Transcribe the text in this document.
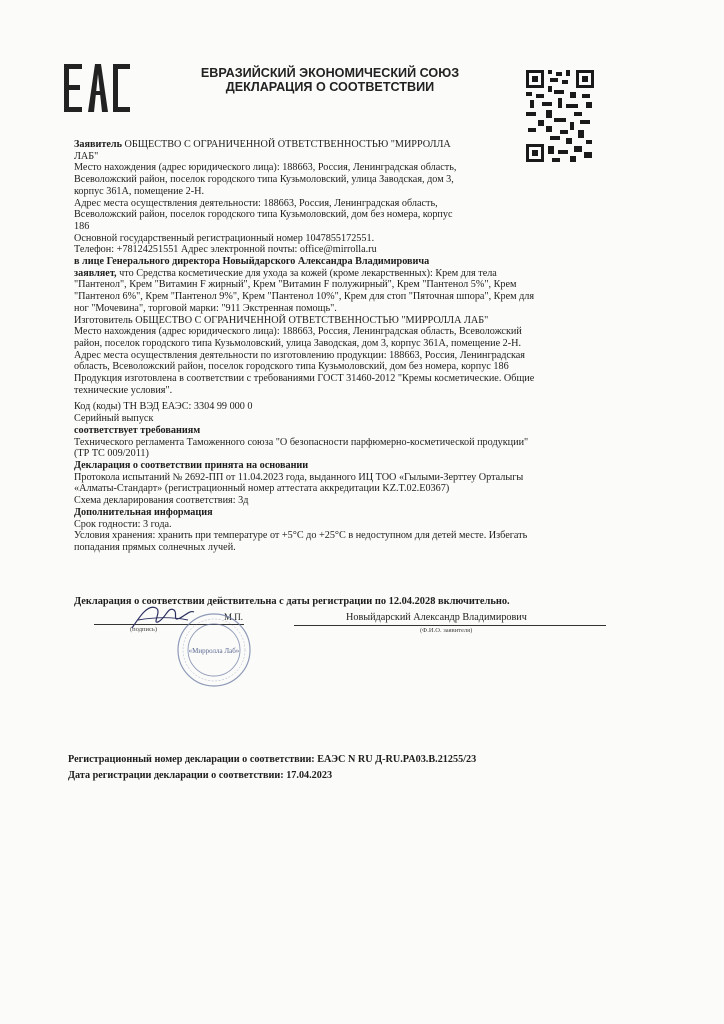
ЕВРАЗИЙСКИЙ ЭКОНОМИЧЕСКИЙ СОЮЗ
ДЕКЛАРАЦИЯ О СООТВЕТСТВИИ
Заявитель ОБЩЕСТВО С ОГРАНИЧЕННОЙ ОТВЕТСТВЕННОСТЬЮ "МИРРОЛЛА
ЛАБ"
Место нахождения (адрес юридического лица): 188663, Россия, Ленинградская область,
Всеволожский район, поселок городского типа Кузьмоловский, улица Заводская, дом 3,
корпус 361А, помещение 2-Н.
Адрес места осуществления деятельности: 188663, Россия, Ленинградская область,
Всеволожский район, поселок городского типа Кузьмоловский, дом без номера, корпус
186
Основной государственный регистрационный номер 1047855172551.
Телефон: +78124251551 Адрес электронной почты: office@mirrolla.ru
в лице Генерального директора Новыйдарского Александра Владимировича
заявляет, что Средства косметические для ухода за кожей (кроме лекарственных): Крем для тела
"Пантенол", Крем "Витамин F жирный", Крем "Витамин F полужирный", Крем "Пантенол 5%", Крем
"Пантенол 6%", Крем "Пантенол 9%", Крем "Пантенол 10%", Крем для стоп "Пяточная шпора", Крем для
ног "Мочевина", торговой марки: "911 Экстренная помощь".
Изготовитель ОБЩЕСТВО С ОГРАНИЧЕННОЙ ОТВЕТСТВЕННОСТЬЮ "МИРРОЛЛА ЛАБ"
Место нахождения (адрес юридического лица): 188663, Россия, Ленинградская область, Всеволожский
район, поселок городского типа Кузьмоловский, улица Заводская, дом 3, корпус 361А, помещение 2-Н.
Адрес места осуществления деятельности по изготовлению продукции: 188663, Россия, Ленинградская
область, Всеволожский район, поселок городского типа Кузьмоловский, дом без номера, корпус 186
Продукция изготовлена в соответствии с требованиями ГОСТ 31460-2012 "Кремы косметические. Общие
технические условия".
Код (коды) ТН ВЭД ЕАЭС: 3304 99 000 0
Серийный выпуск
соответствует требованиям
Технического регламента Таможенного союза "О безопасности парфюмерно-косметической продукции"
(ТР ТС 009/2011)
Декларация о соответствии принята на основании
Протокола испытаний № 2692-ПП от 11.04.2023 года, выданного ИЦ ТОО «Гылыми-Зерттеу Орталыгы
«Алматы-Стандарт» (регистрационный номер аттестата аккредитации KZ.T.02.E0367)
Схема декларирования соответствия: 3д
Дополнительная информация
Срок годности: 3 года.
Условия хранения: хранить при температуре от +5°C до +25°C в недоступном для детей месте. Избегать
попадания прямых солнечных лучей.
Декларация о соответствии действительна с даты регистрации по 12.04.2028 включительно.
М.П.
(подпись)
Новыйдарский Александр Владимирович
(Ф.И.О. заявителя)
«Мирролла Лаб»
Регистрационный номер декларации о соответствии: ЕАЭС N RU Д-RU.PA03.B.21255/23
Дата регистрации декларации о соответствии: 17.04.2023
